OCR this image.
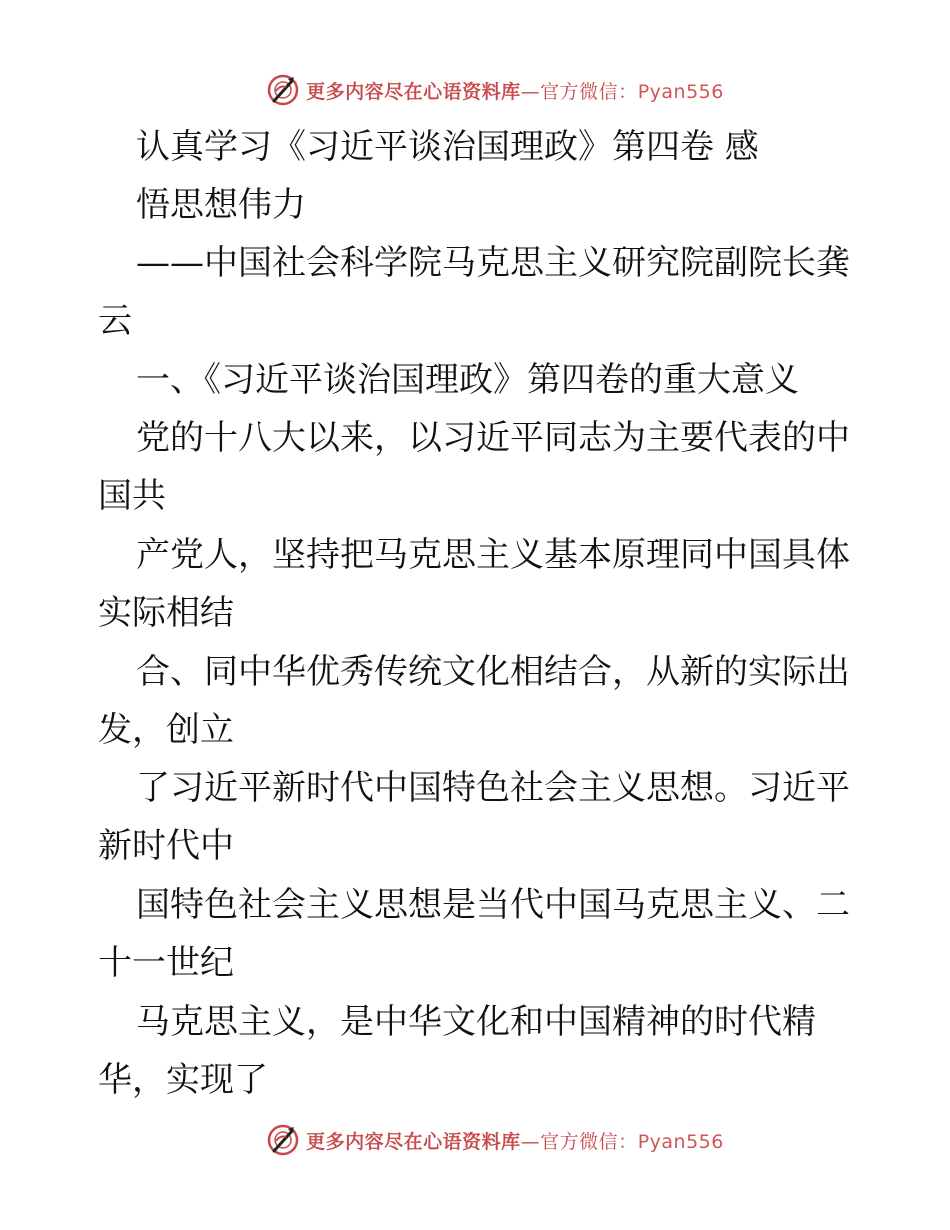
更多内容尽在心语资料库—官方微信：Pyan556
认真学习《习近平谈治国理政》第四卷 感
悟思想伟力
——中国社会科学院马克思主义研究院副院长龚
云
一、《习近平谈治国理政》第四卷的重大意义
党的十八大以来，以习近平同志为主要代表的中
国共
产党人，坚持把马克思主义基本原理同中国具体
实际相结
合、同中华优秀传统文化相结合，从新的实际出
发，创立
了习近平新时代中国特色社会主义思想。习近平
新时代中
国特色社会主义思想是当代中国马克思主义、二
十一世纪
马克思主义，是中华文化和中国精神的时代精
华，实现了
更多内容尽在心语资料库—官方微信：Pyan556
